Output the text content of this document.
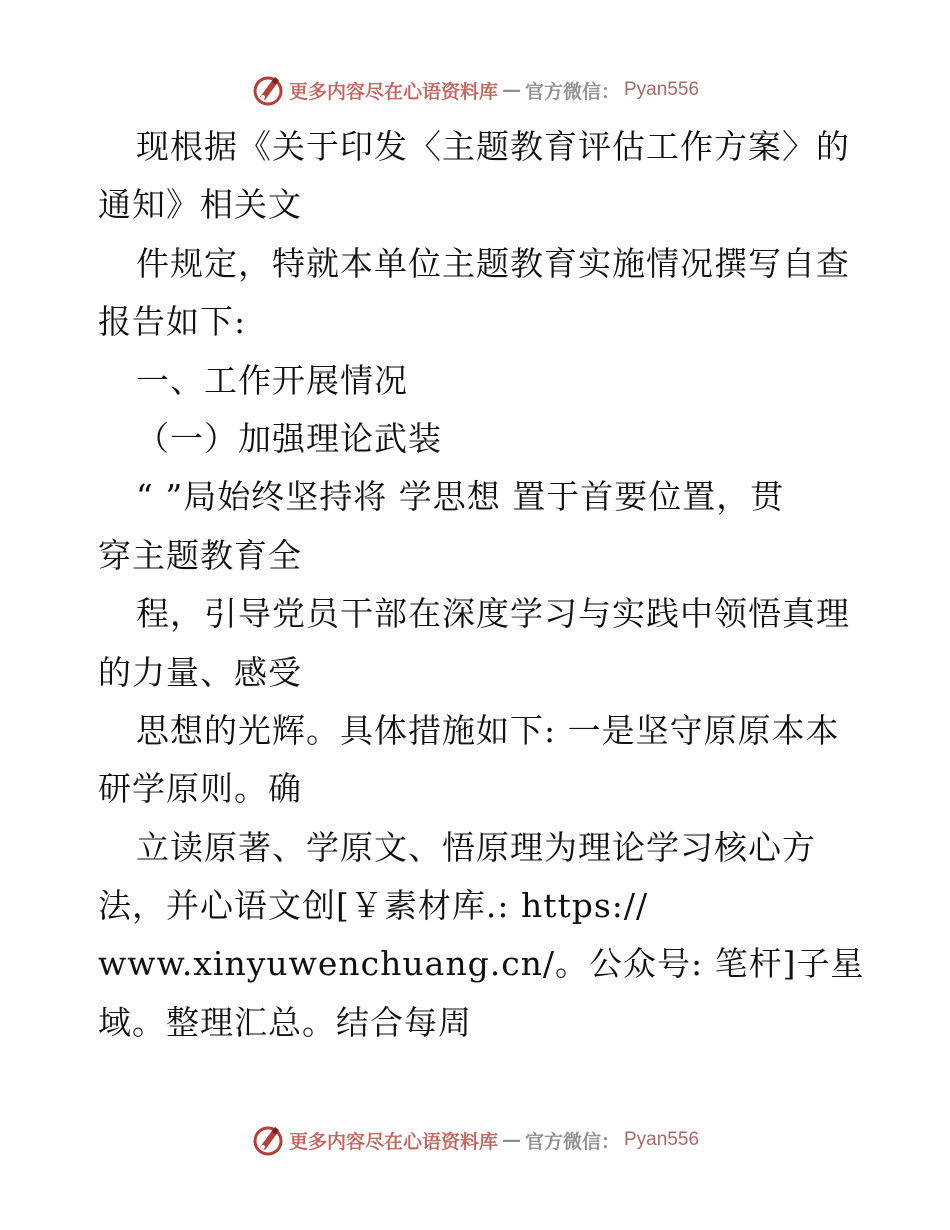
更多内容尽在心语资料库 — 官方微信： Pyan556
现根据《关于印发〈主题教育评估工作方案〉的
通知》相关文
件规定，特就本单位主题教育实施情况撰写自查
报告如下:
一、工作开展情况
（一）加强理论武装
“ ”局始终坚持将 学思想 置于首要位置，贯
穿主题教育全
程，引导党员干部在深度学习与实践中领悟真理
的力量、感受
思想的光辉。具体措施如下: 一是坚守原原本本
研学原则。确
立读原著、学原文、悟原理为理论学习核心方
法，并心语文创[￥素材库.: https://
www.xinyuwenchuang.cn/。公众号: 笔杆]子星
域。整理汇总。结合每周
更多内容尽在心语资料库 — 官方微信： Pyan556
